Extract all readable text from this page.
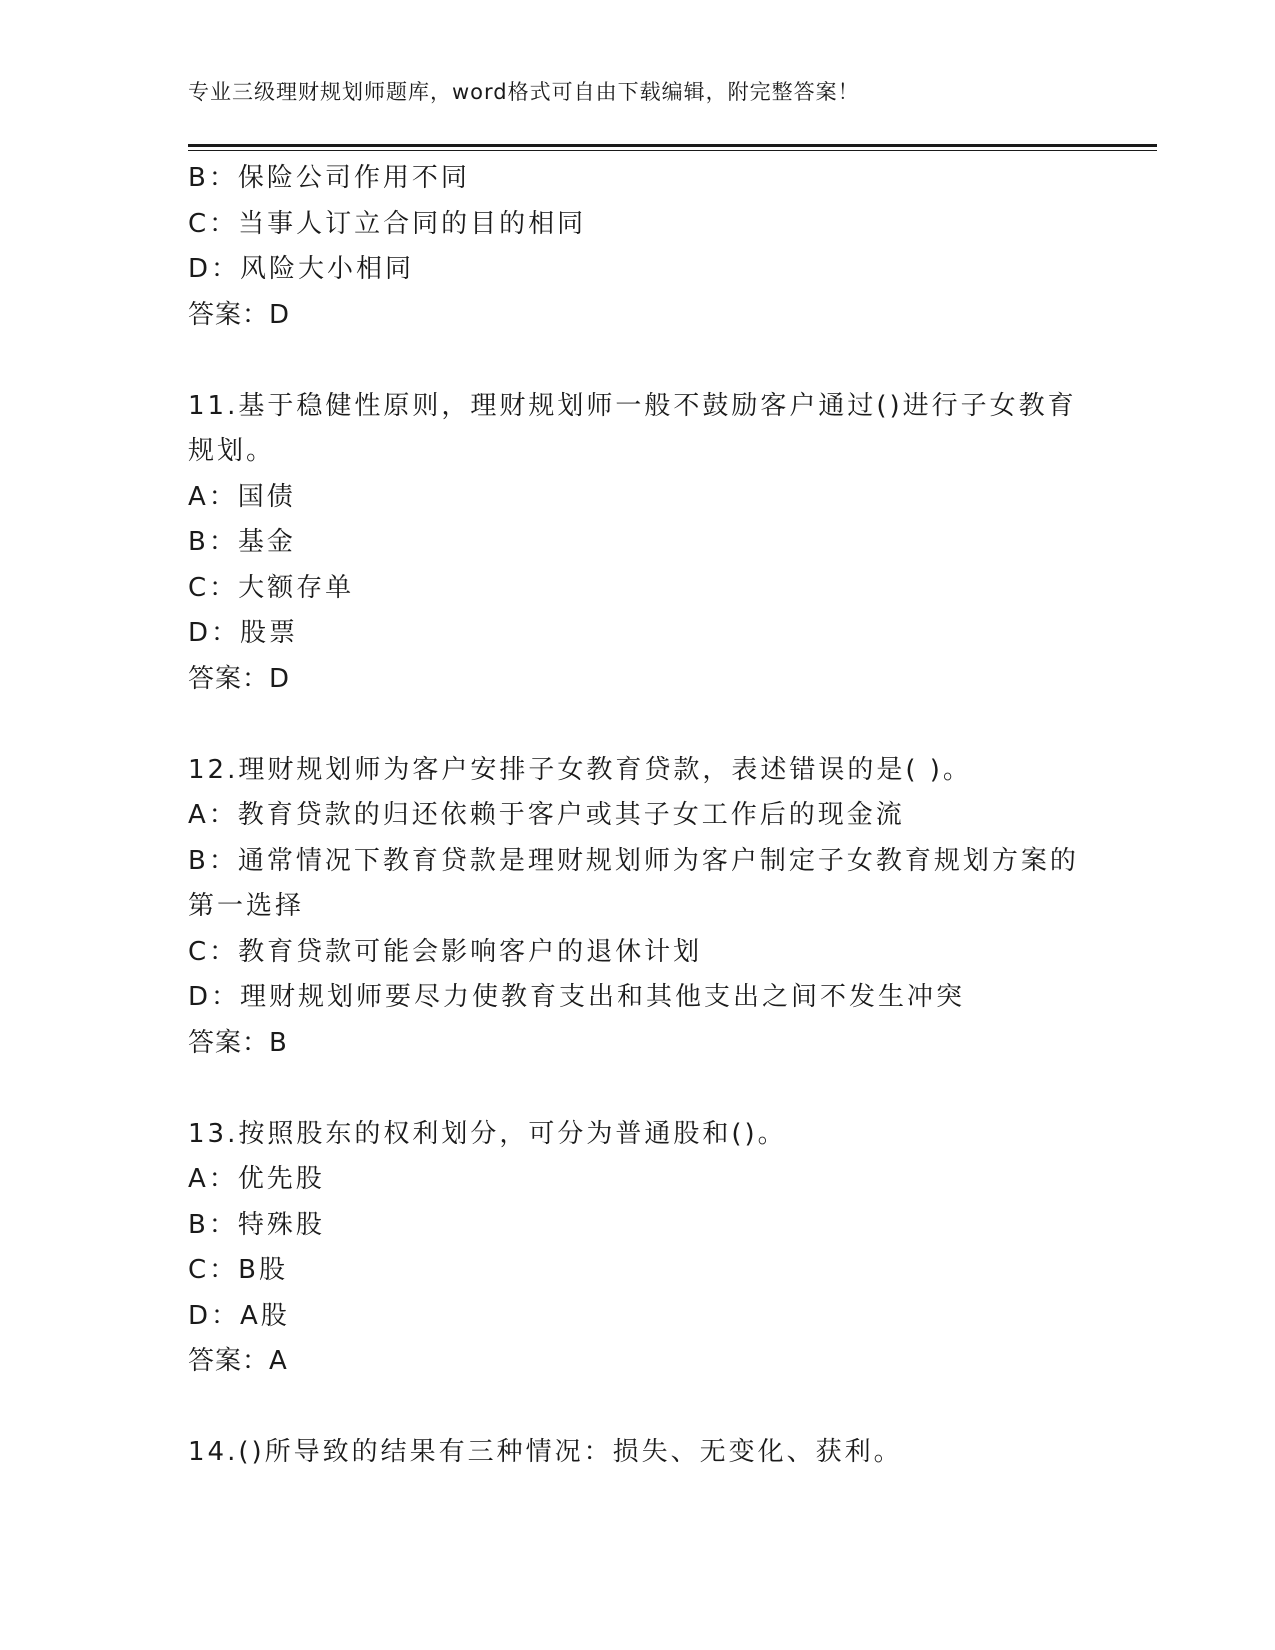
专业三级理财规划师题库，word格式可自由下载编辑，附完整答案！
B：保险公司作用不同
C：当事人订立合同的目的相同
D：风险大小相同
答案：D
11.基于稳健性原则，理财规划师一般不鼓励客户通过()进行子女教育
规划。
A：国债
B：基金
C：大额存单
D：股票
答案：D
12.理财规划师为客户安排子女教育贷款，表述错误的是( )。
A：教育贷款的归还依赖于客户或其子女工作后的现金流
B：通常情况下教育贷款是理财规划师为客户制定子女教育规划方案的
第一选择
C：教育贷款可能会影响客户的退休计划
D：理财规划师要尽力使教育支出和其他支出之间不发生冲突
答案：B
13.按照股东的权利划分，可分为普通股和()。
A：优先股
B：特殊股
C：B股
D：A股
答案：A
14.()所导致的结果有三种情况：损失、无变化、获利。
